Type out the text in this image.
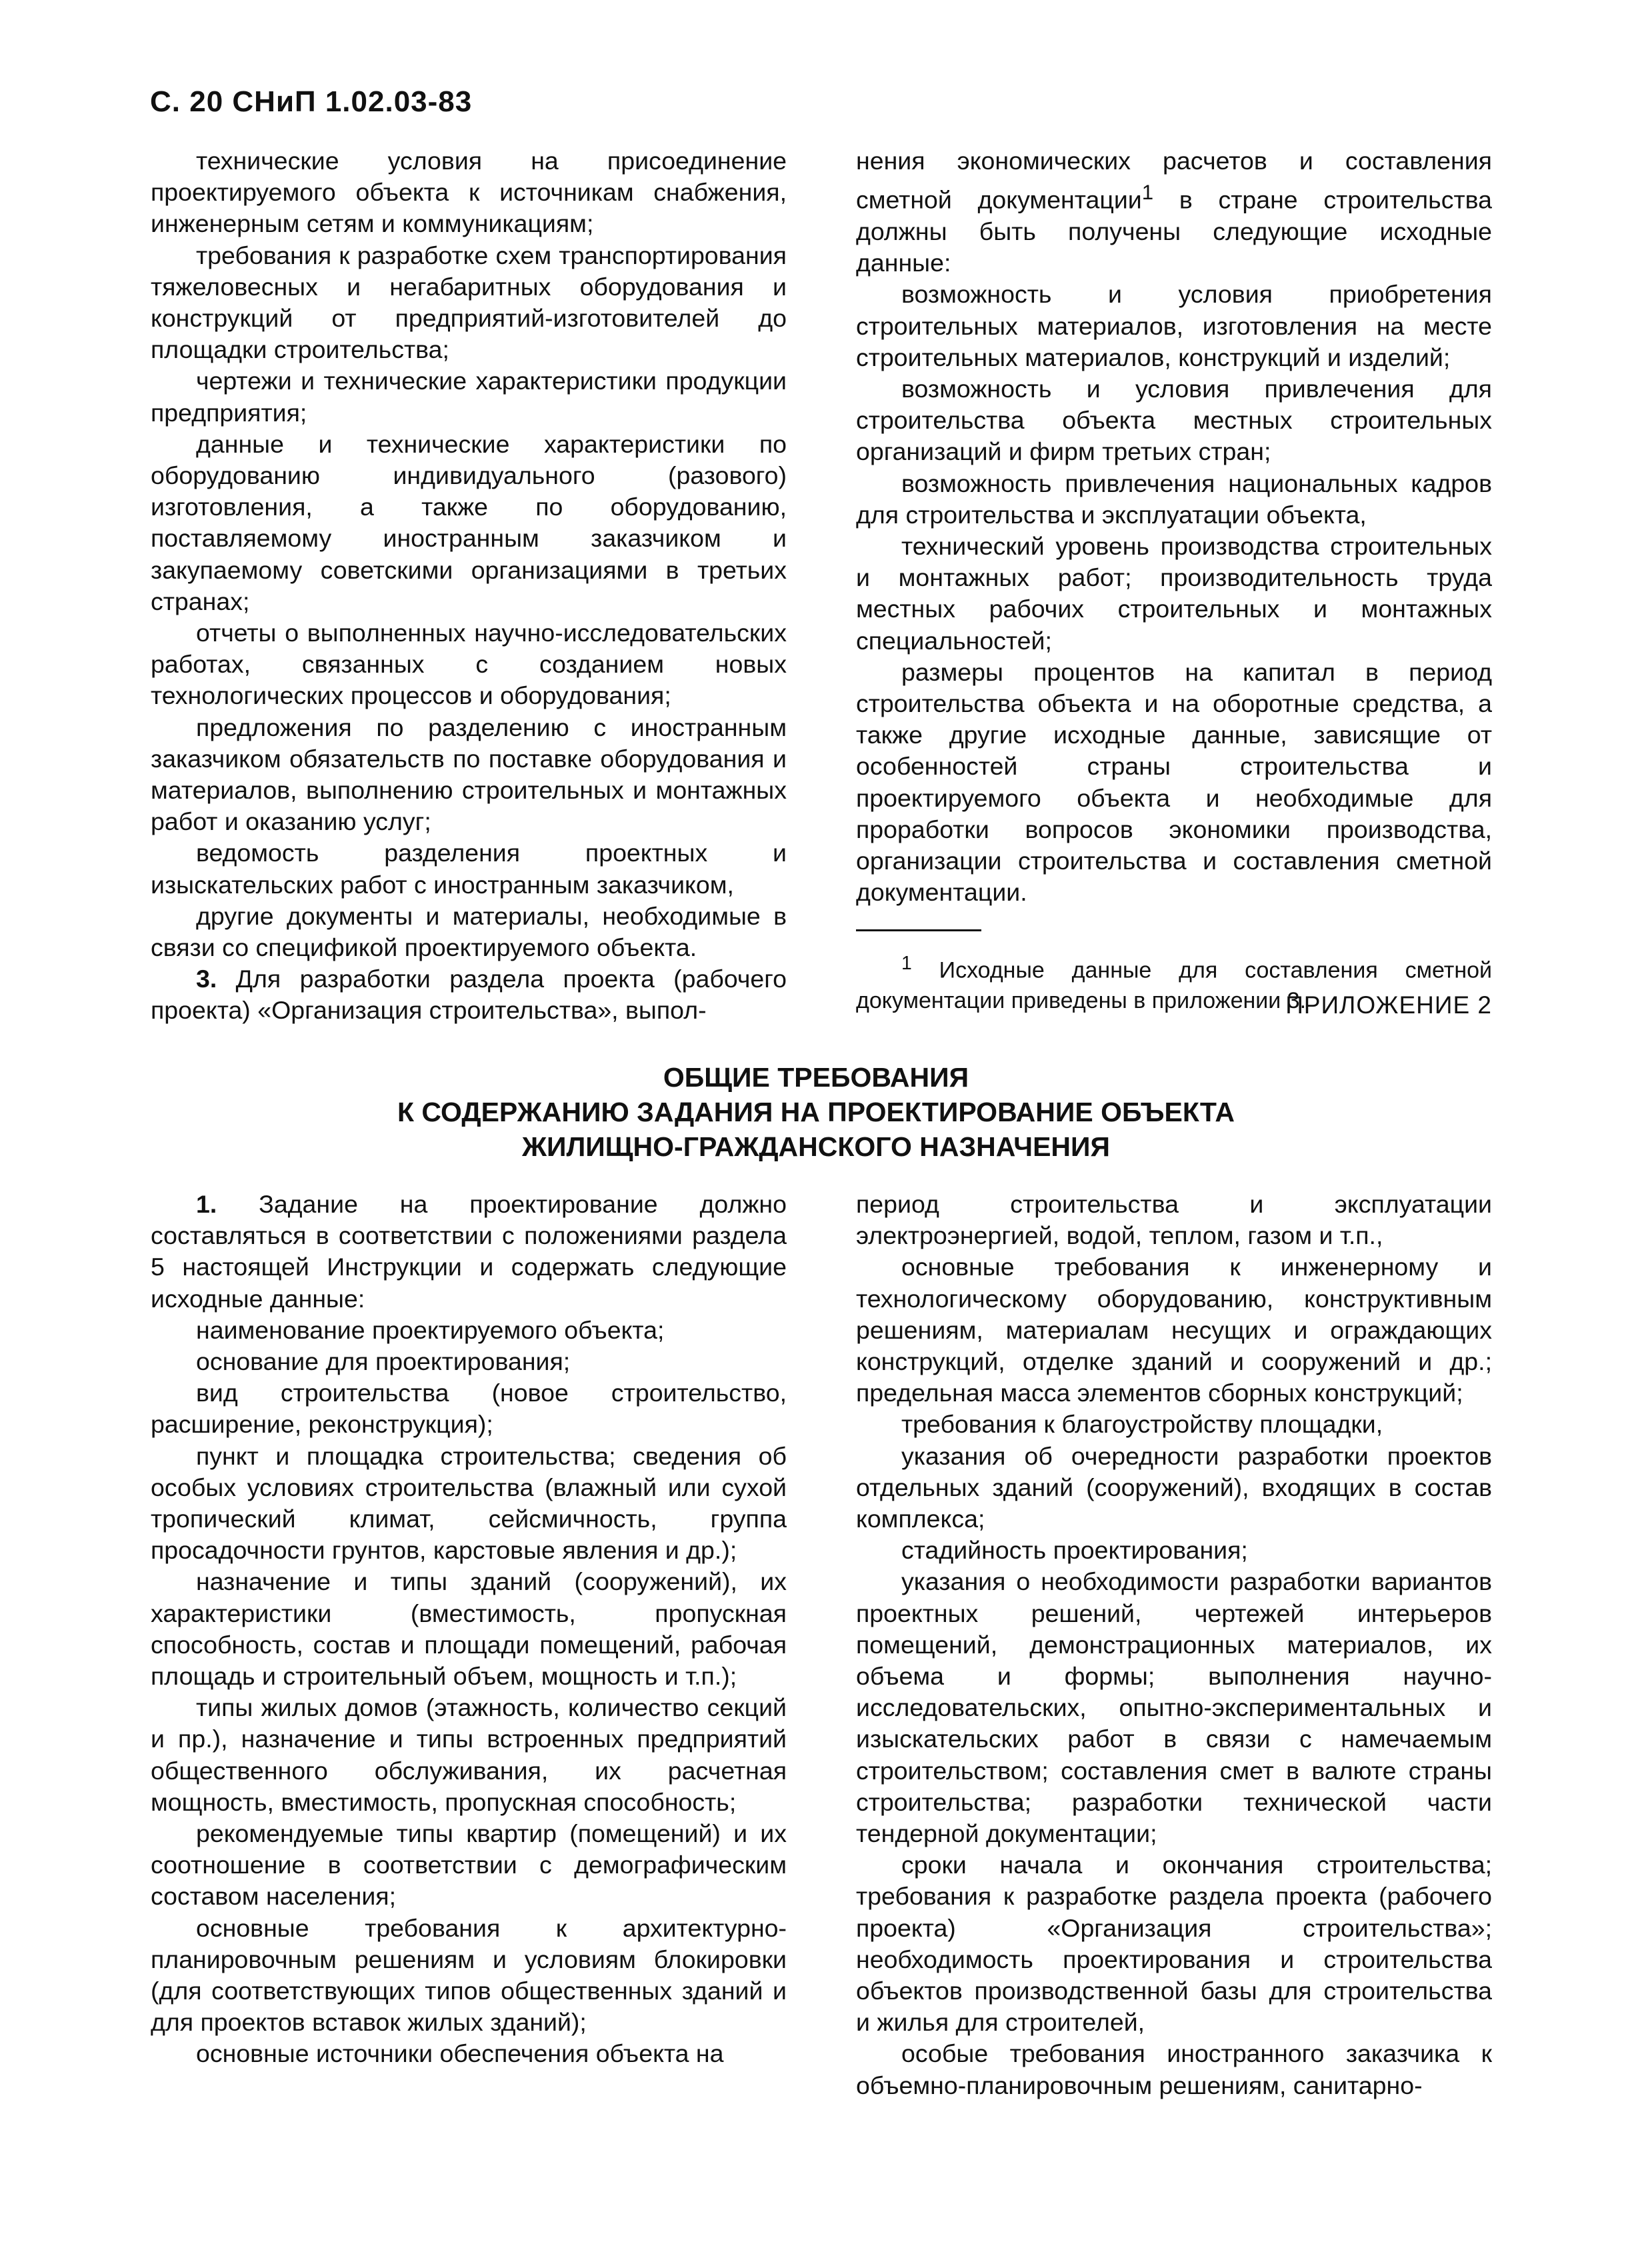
С. 20 СНиП 1.02.03-83

технические условия на присоединение проектируемого объекта к источникам снабжения, инженерным сетям и коммуникациям;

требования к разработке схем транспортирования тяжеловесных и негабаритных оборудования и конструкций от предприятий-изготовителей до площадки строительства;

чертежи и технические характеристики продукции предприятия;

данные и технические характеристики по оборудованию индивидуального (разового) изготовления, а также по оборудованию, поставляемому иностранным заказчиком и закупаемому советскими организациями в третьих странах;

отчеты о выполненных научно-исследовательских работах, связанных с созданием новых технологических процессов и оборудования;

предложения по разделению с иностранным заказчиком обязательств по поставке оборудования и материалов, выполнению строительных и монтажных работ и оказанию услуг;

ведомость разделения проектных и изыскательских работ с иностранным заказчиком,

другие документы и материалы, необходимые в связи со спецификой проектируемого объекта.

3. Для разработки раздела проекта (рабочего проекта) «Организация строительства», выпол-

нения экономических расчетов и составления сметной документации$^1$ в стране строительства должны быть получены следующие исходные данные:

возможность и условия приобретения строительных материалов, изготовления на месте строительных материалов, конструкций и изделий;

возможность и условия привлечения для строительства объекта местных строительных организаций и фирм третьих стран;

возможность привлечения национальных кадров для строительства и эксплуатации объекта,

технический уровень производства строительных и монтажных работ; производительность труда местных рабочих строительных и монтажных специальностей;

размеры процентов на капитал в период строительства объекта и на оборотные средства, а также другие исходные данные, зависящие от особенностей страны строительства и проектируемого объекта и необходимые для проработки вопросов экономики производства, организации строительства и составления сметной документации.

$^1$ Исходные данные для составления сметной документации приведены в приложении 3.

ПРИЛОЖЕНИЕ 2
ОБЩИЕ ТРЕБОВАНИЯ
К СОДЕРЖАНИЮ ЗАДАНИЯ НА ПРОЕКТИРОВАНИЕ ОБЪЕКТА
ЖИЛИЩНО-ГРАЖДАНСКОГО НАЗНАЧЕНИЯ

1. Задание на проектирование должно составляться в соответствии с положениями раздела 5 настоящей Инструкции и содержать следующие исходные данные:

наименование проектируемого объекта;

основание для проектирования;

вид строительства (новое строительство, расширение, реконструкция);

пункт и площадка строительства; сведения об особых условиях строительства (влажный или сухой тропический климат, сейсмичность, группа просадочности грунтов, карстовые явления и др.);

назначение и типы зданий (сооружений), их характеристики (вместимость, пропускная способность, состав и площади помещений, рабочая площадь и строительный объем, мощность и т.п.);

типы жилых домов (этажность, количество секций и пр.), назначение и типы встроенных предприятий общественного обслуживания, их расчетная мощность, вместимость, пропускная способность;

рекомендуемые типы квартир (помещений) и их соотношение в соответствии с демографическим составом населения;

основные требования к архитектурно-планировочным решениям и условиям блокировки (для соответствующих типов общественных зданий и для проектов вставок жилых зданий);

основные источники обеспечения объекта на

период строительства и эксплуатации электроэнергией, водой, теплом, газом и т.п.,

основные требования к инженерному и технологическому оборудованию, конструктивным решениям, материалам несущих и ограждающих конструкций, отделке зданий и сооружений и др.; предельная масса элементов сборных конструкций;

требования к благоустройству площадки,

указания об очередности разработки проектов отдельных зданий (сооружений), входящих в состав комплекса;

стадийность проектирования;

указания о необходимости разработки вариантов проектных решений, чертежей интерьеров помещений, демонстрационных материалов, их объема и формы; выполнения научно-исследовательских, опытно-экспериментальных и изыскательских работ в связи с намечаемым строительством; составления смет в валюте страны строительства; разработки технической части тендерной документации;

сроки начала и окончания строительства; требования к разработке раздела проекта (рабочего проекта) «Организация строительства»; необходимость проектирования и строительства объектов производственной базы для строительства и жилья для строителей,

особые требования иностранного заказчика к объемно-планировочным решениям, санитарно-
